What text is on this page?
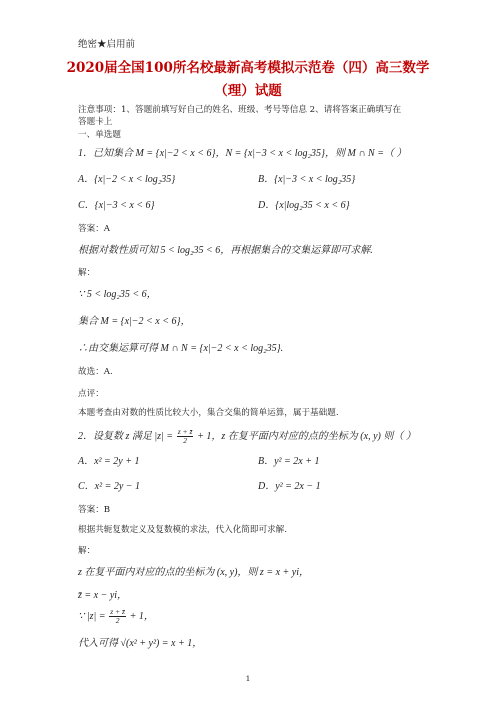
绝密★启用前
2020届全国100所名校最新高考模拟示范卷（四）高三数学
（理）试题
注意事项：1、答题前填写好自己的姓名、班级、考号等信息 2、请将答案正确填写在
答题卡上
一、单选题
1．已知集合 M = {x|−2 < x < 6}，N = {x|−3 < x < log₂35}，则 M ∩ N =（ ）
A．{x|−2 < x < log₂35}	B．{x|−3 < x < log₂35}
C．{x|−3 < x < 6}	D．{x|log₂35 < x < 6}
答案：A
根据对数性质可知 5 < log₂35 < 6，再根据集合的交集运算即可求解.
解：
∵ 5 < log₂35 < 6，
集合 M = {x|−2 < x < 6}，
∴由交集运算可得 M ∩ N = {x|−2 < x < log₂35}.
故选：A.
点评：
本题考查由对数的性质比较大小，集合交集的简单运算，属于基础题.
2．设复数 z 满足 $|z| = \frac{z + z̄}{2} + 1$，z 在复平面内对应的点的坐标为 (x, y) 则（ ）
A．x² = 2y + 1	B．y² = 2x + 1
C．x² = 2y − 1	D．y² = 2x − 1
答案：B
根据共轭复数定义及复数模的求法，代入化简即可求解.
解：
z 在复平面内对应的点的坐标为 (x, y)，则 z = x + yi，
z̄ = x − yi，
∵ $|z| = \frac{z + z̄}{2} + 1$，
代入可得 √(x² + y²) = x + 1，
1
